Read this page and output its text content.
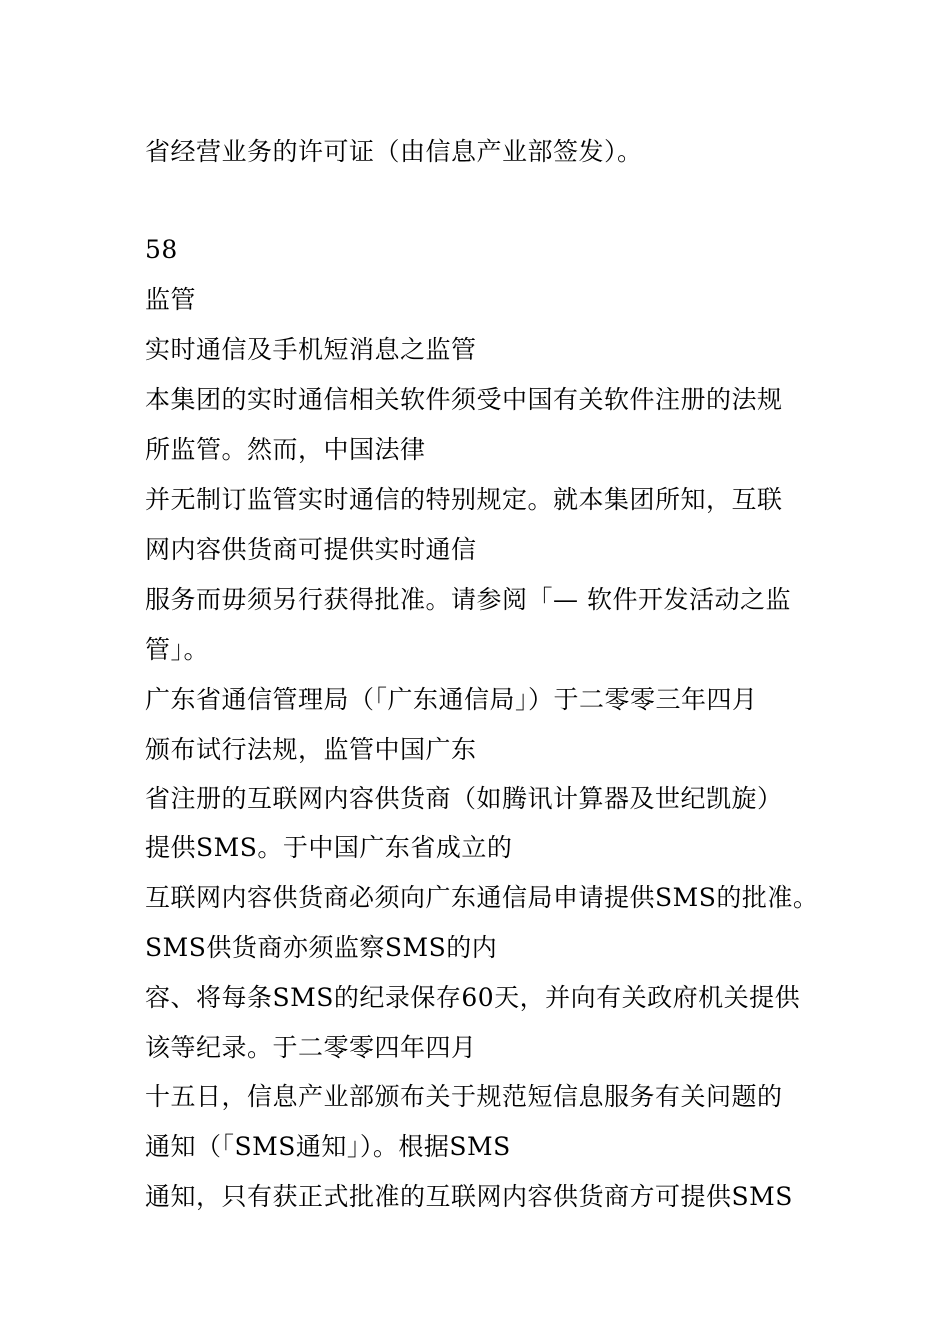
省经营业务的许可证（由信息产业部签发）。
58
监管
实时通信及手机短消息之监管
本集团的实时通信相关软件须受中国有关软件注册的法规
所监管。然而，中国法律
并无制订监管实时通信的特别规定。就本集团所知，互联
网内容供货商可提供实时通信
服务而毋须另行获得批准。请参阅「— 软件开发活动之监
管」。
广东省通信管理局（「广东通信局」）于二零零三年四月
颁布试行法规，监管中国广东
省注册的互联网内容供货商（如腾讯计算器及世纪凯旋）
提供SMS。于中国广东省成立的
互联网内容供货商必须向广东通信局申请提供SMS的批准。
SMS供货商亦须监察SMS的内
容、将每条SMS的纪录保存60天，并向有关政府机关提供
该等纪录。于二零零四年四月
十五日，信息产业部颁布关于规范短信息服务有关问题的
通知（「SMS通知」）。根据SMS
通知，只有获正式批准的互联网内容供货商方可提供SMS
